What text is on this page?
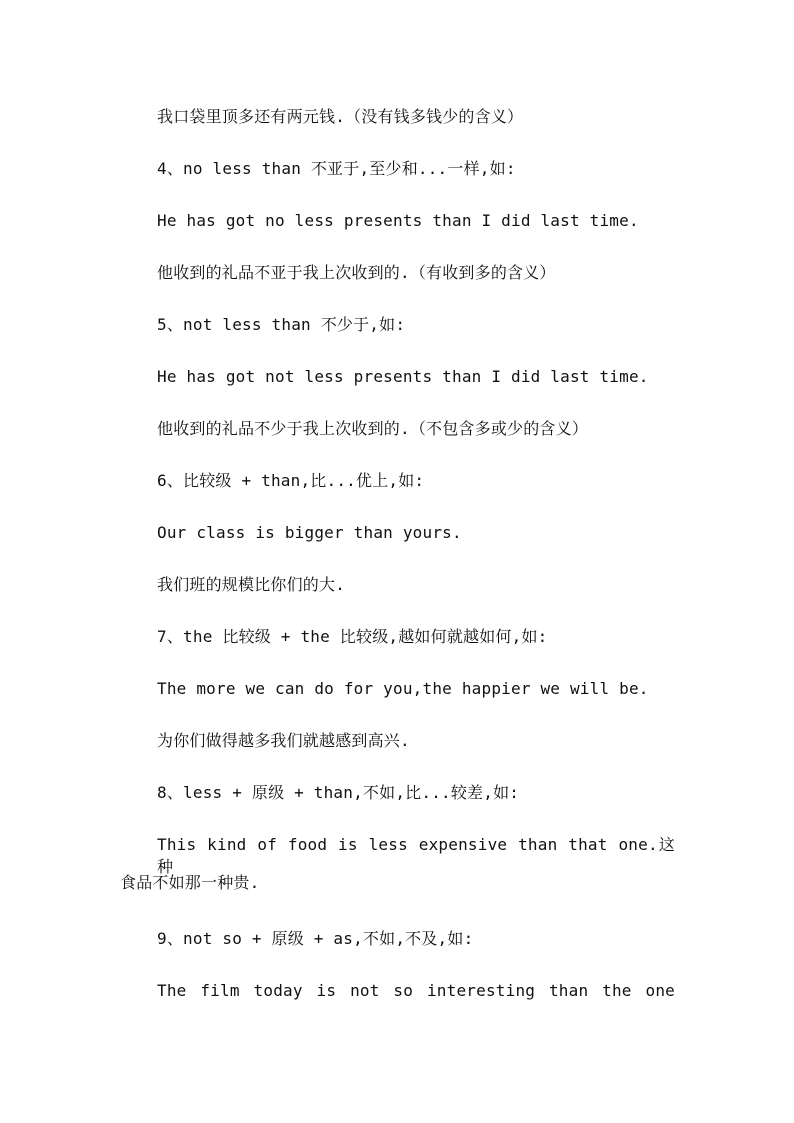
我口袋里顶多还有两元钱.（没有钱多钱少的含义）
4、no less than 不亚于,至少和...一样,如:
He has got no less presents than I did last time.
他收到的礼品不亚于我上次收到的.（有收到多的含义）
5、not less than 不少于,如:
He has got not less presents than I did last time.
他收到的礼品不少于我上次收到的.（不包含多或少的含义）
6、比较级 + than,比...优上,如:
Our class is bigger than yours.
我们班的规模比你们的大.
7、the 比较级 + the 比较级,越如何就越如何,如:
The more we can do for you,the happier we will be.
为你们做得越多我们就越感到高兴.
8、less + 原级 + than,不如,比...较差,如:
This kind of food is less expensive than that one.这种
食品不如那一种贵.
9、not so + 原级 + as,不如,不及,如:
The film today is not so interesting than the one
